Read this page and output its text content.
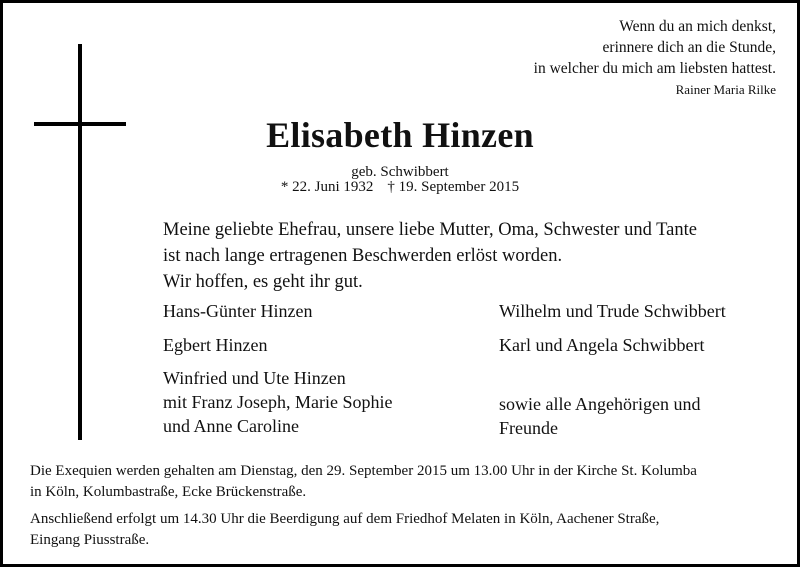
Wenn du an mich denkst,
erinnere dich an die Stunde,
in welcher du mich am liebsten hattest.
Rainer Maria Rilke
Elisabeth Hinzen
geb. Schwibbert
* 22. Juni 1932 † 19. September 2015
Meine geliebte Ehefrau, unsere liebe Mutter, Oma, Schwester und Tante
ist nach lange ertragenen Beschwerden erlöst worden.
Wir hoffen, es geht ihr gut.
Hans-Günter Hinzen
Egbert Hinzen
Winfried und Ute Hinzen
mit Franz Joseph, Marie Sophie
und Anne Caroline
Wilhelm und Trude Schwibbert
Karl und Angela Schwibbert
sowie alle Angehörigen und
Freunde
Die Exequien werden gehalten am Dienstag, den 29. September 2015 um 13.00 Uhr in der Kirche St. Kolumba
in Köln, Kolumbastraße, Ecke Brückenstraße.
Anschließend erfolgt um 14.30 Uhr die Beerdigung auf dem Friedhof Melaten in Köln, Aachener Straße,
Eingang Piusstraße.
